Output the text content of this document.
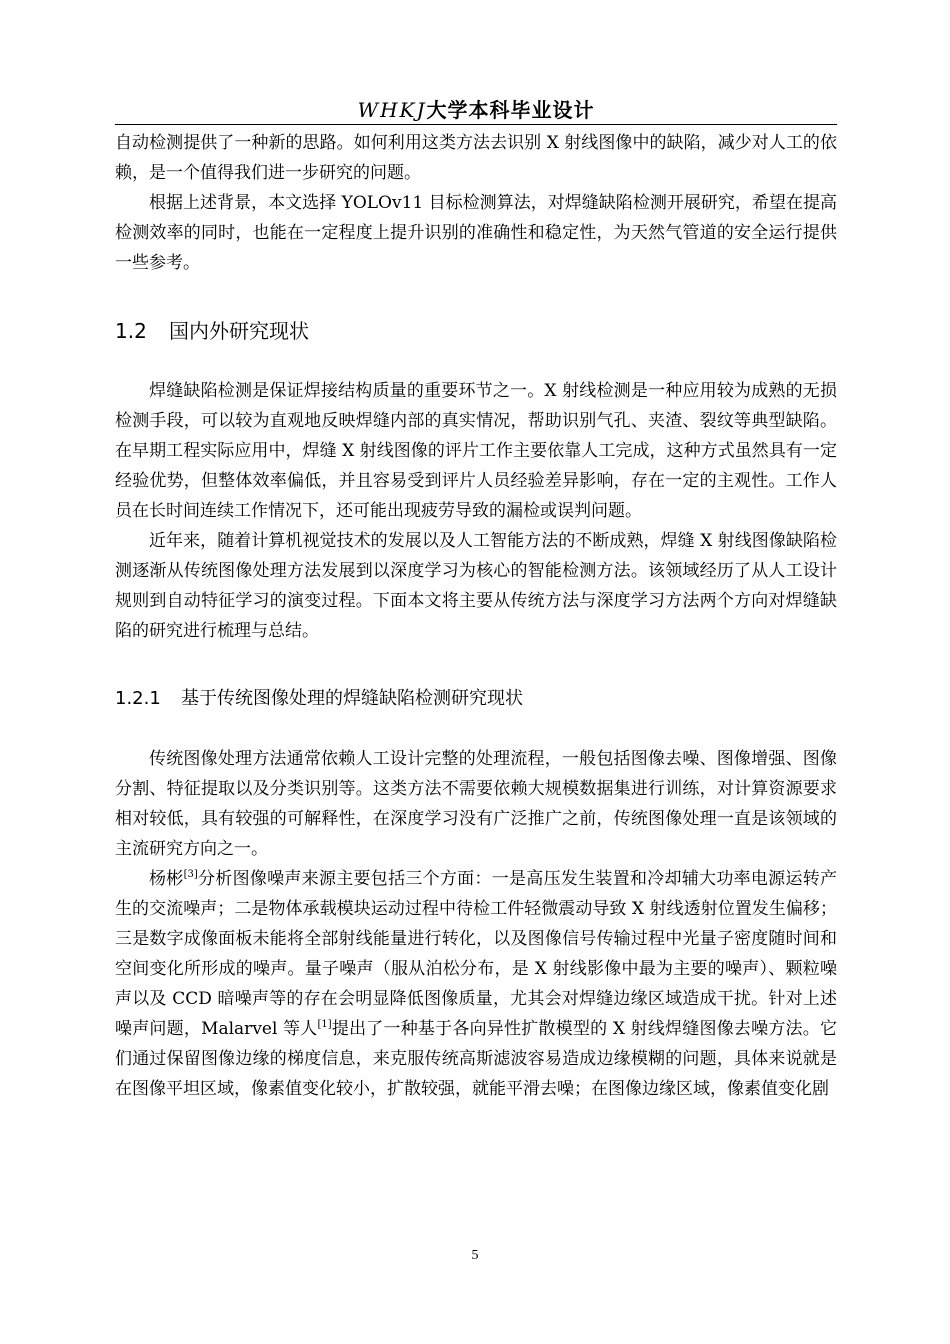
WHKJ大学本科毕业设计

自动检测提供了一种新的思路。如何利用这类方法去识别 X 射线图像中的缺陷，减少对人工的依赖，是一个值得我们进一步研究的问题。

根据上述背景，本文选择 YOLOv11 目标检测算法，对焊缝缺陷检测开展研究，希望在提高检测效率的同时，也能在一定程度上提升识别的准确性和稳定性，为天然气管道的安全运行提供一些参考。

1.2 国内外研究现状

焊缝缺陷检测是保证焊接结构质量的重要环节之一。X 射线检测是一种应用较为成熟的无损检测手段，可以较为直观地反映焊缝内部的真实情况，帮助识别气孔、夹渣、裂纹等典型缺陷。在早期工程实际应用中，焊缝 X 射线图像的评片工作主要依靠人工完成，这种方式虽然具有一定经验优势，但整体效率偏低，并且容易受到评片人员经验差异影响，存在一定的主观性。工作人员在长时间连续工作情况下，还可能出现疲劳导致的漏检或误判问题。

近年来，随着计算机视觉技术的发展以及人工智能方法的不断成熟，焊缝 X 射线图像缺陷检测逐渐从传统图像处理方法发展到以深度学习为核心的智能检测方法。该领域经历了从人工设计规则到自动特征学习的演变过程。下面本文将主要从传统方法与深度学习方法两个方向对焊缝缺陷的研究进行梳理与总结。

1.2.1 基于传统图像处理的焊缝缺陷检测研究现状

传统图像处理方法通常依赖人工设计完整的处理流程，一般包括图像去噪、图像增强、图像分割、特征提取以及分类识别等。这类方法不需要依赖大规模数据集进行训练，对计算资源要求相对较低，具有较强的可解释性，在深度学习没有广泛推广之前，传统图像处理一直是该领域的主流研究方向之一。

杨彬[3]分析图像噪声来源主要包括三个方面：一是高压发生装置和冷却辅大功率电源运转产生的交流噪声；二是物体承载模块运动过程中待检工件轻微震动导致 X 射线透射位置发生偏移；三是数字成像面板未能将全部射线能量进行转化，以及图像信号传输过程中光量子密度随时间和空间变化所形成的噪声。量子噪声（服从泊松分布，是 X 射线影像中最为主要的噪声）、颗粒噪声以及 CCD 暗噪声等的存在会明显降低图像质量，尤其会对焊缝边缘区域造成干扰。针对上述噪声问题，Malarvel 等人[1]提出了一种基于各向异性扩散模型的 X 射线焊缝图像去噪方法。它们通过保留图像边缘的梯度信息，来克服传统高斯滤波容易造成边缘模糊的问题，具体来说就是在图像平坦区域，像素值变化较小，扩散较强，就能平滑去噪；在图像边缘区域，像素值变化剧

5
